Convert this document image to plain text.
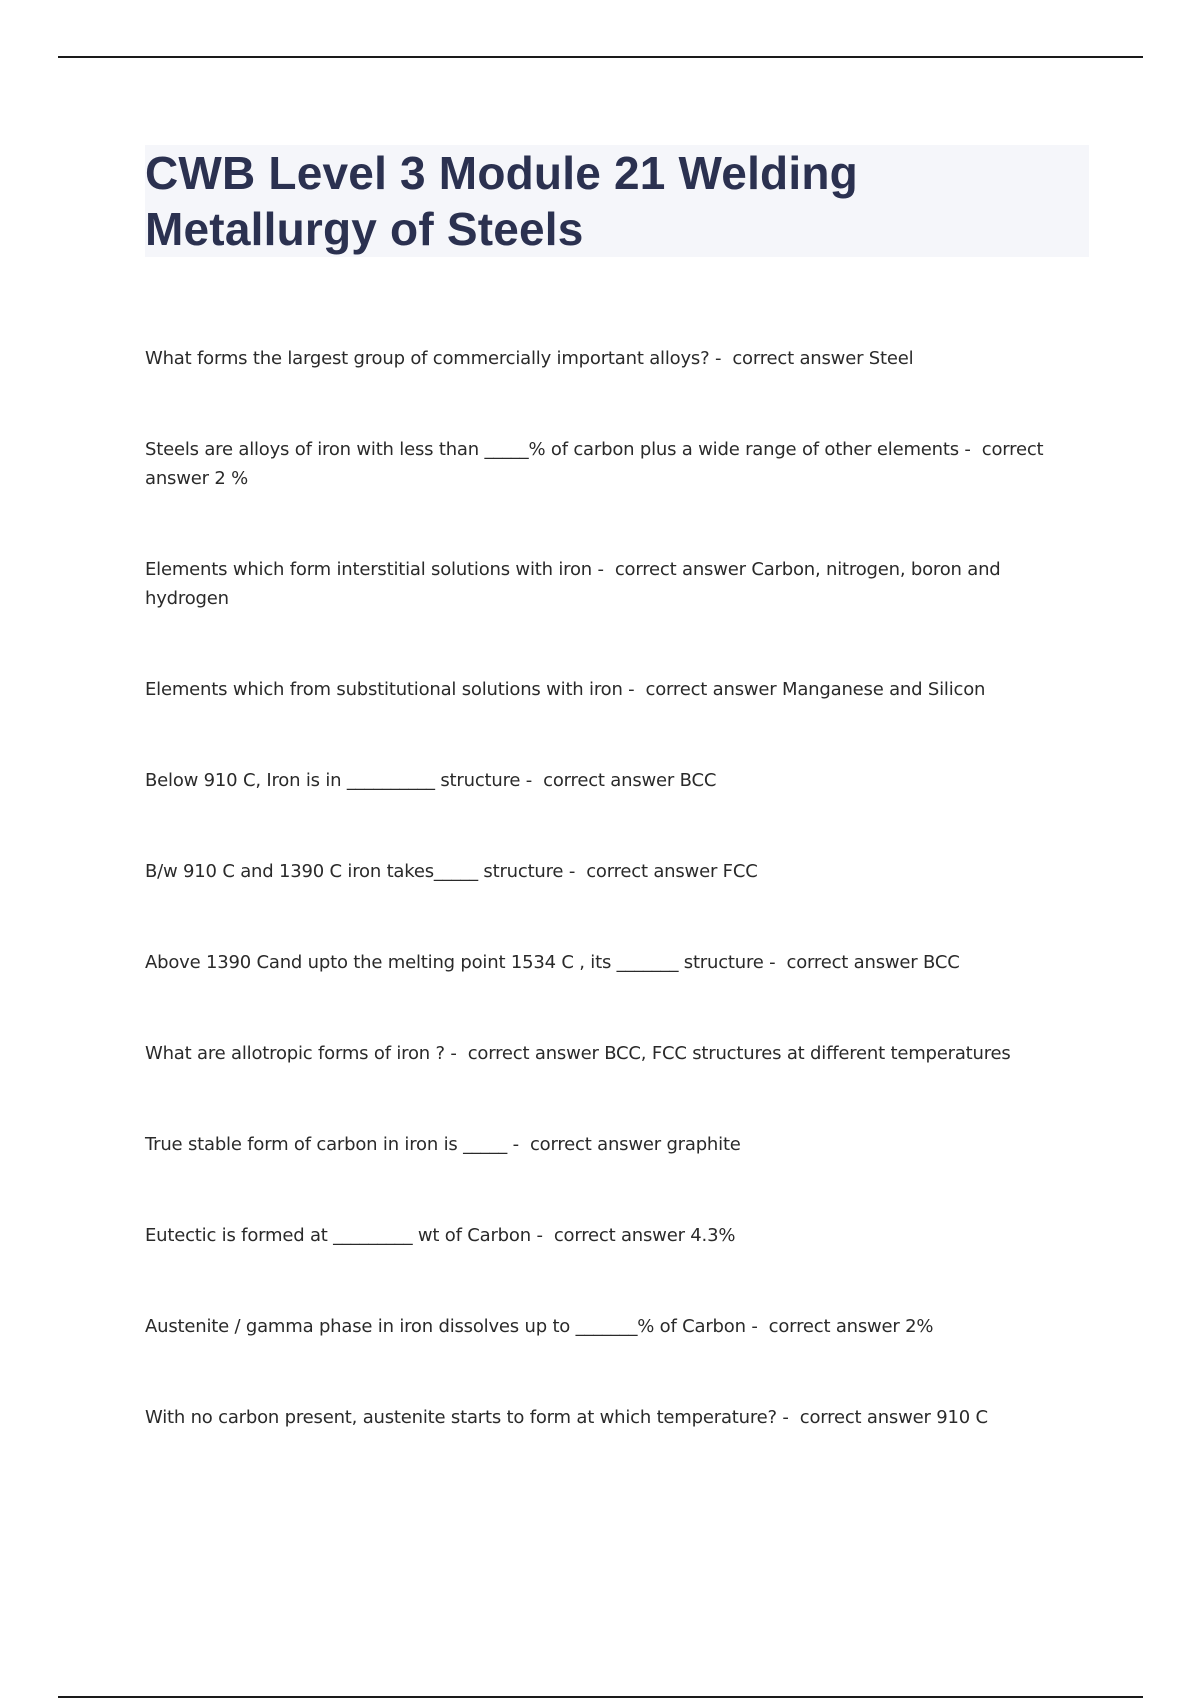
CWB Level 3 Module 21 Welding Metallurgy of Steels
What forms the largest group of commercially important alloys? -  correct answer Steel
Steels are alloys of iron with less than _____% of carbon plus a wide range of other elements -  correct answer 2 %
Elements which form interstitial solutions with iron -  correct answer Carbon, nitrogen, boron and hydrogen
Elements which from substitutional solutions with iron -  correct answer Manganese and Silicon
Below 910 C, Iron is in __________ structure -  correct answer BCC
B/w 910 C and 1390 C iron takes_____ structure -  correct answer FCC
Above 1390 Cand upto the melting point 1534 C , its _______ structure -  correct answer BCC
What are allotropic forms of iron ? -  correct answer BCC, FCC structures at different temperatures
True stable form of carbon in iron is _____ -  correct answer graphite
Eutectic is formed at _________ wt of Carbon -  correct answer 4.3%
Austenite / gamma phase in iron dissolves up to _______% of Carbon -  correct answer 2%
With no carbon present, austenite starts to form at which temperature? -  correct answer 910 C
